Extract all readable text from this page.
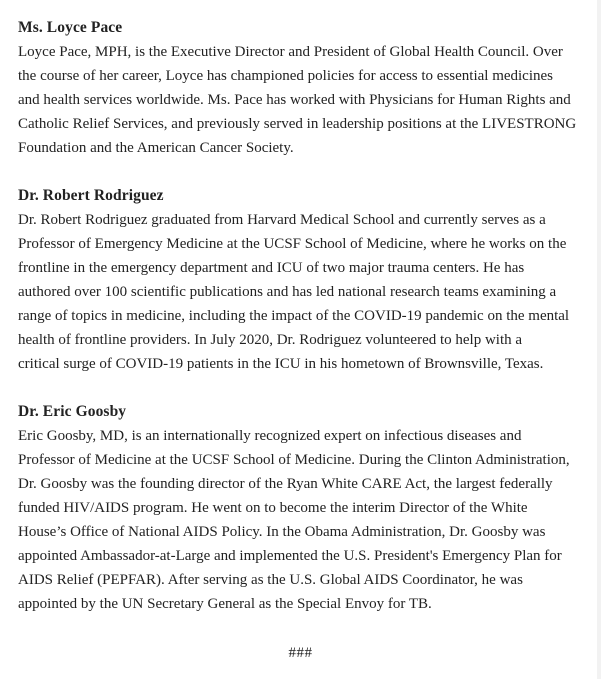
Ms. Loyce Pace

Loyce Pace, MPH, is the Executive Director and President of Global Health Council. Over
the course of her career, Loyce has championed policies for access to essential medicines
and health services worldwide. Ms. Pace has worked with Physicians for Human Rights and
Catholic Relief Services, and previously served in leadership positions at the LIVESTRONG
Foundation and the American Cancer Society.

Dr. Robert Rodriguez

Dr. Robert Rodriguez graduated from Harvard Medical School and currently serves as a
Professor of Emergency Medicine at the UCSF School of Medicine, where he works on the
frontline in the emergency department and ICU of two major trauma centers. He has
authored over 100 scientific publications and has led national research teams examining a
range of topics in medicine, including the impact of the COVID-19 pandemic on the mental
health of frontline providers. In July 2020, Dr. Rodriguez volunteered to help with a
critical surge of COVID-19 patients in the ICU in his hometown of Brownsville, Texas.

Dr. Eric Goosby

Eric Goosby, MD, is an internationally recognized expert on infectious diseases and
Professor of Medicine at the UCSF School of Medicine. During the Clinton Administration,
Dr. Goosby was the founding director of the Ryan White CARE Act, the largest federally
funded HIV/AIDS program. He went on to become the interim Director of the White
House’s Office of National AIDS Policy. In the Obama Administration, Dr. Goosby was
appointed Ambassador-at-Large and implemented the U.S. President's Emergency Plan for
AIDS Relief (PEPFAR). After serving as the U.S. Global AIDS Coordinator, he was
appointed by the UN Secretary General as the Special Envoy for TB.

###
